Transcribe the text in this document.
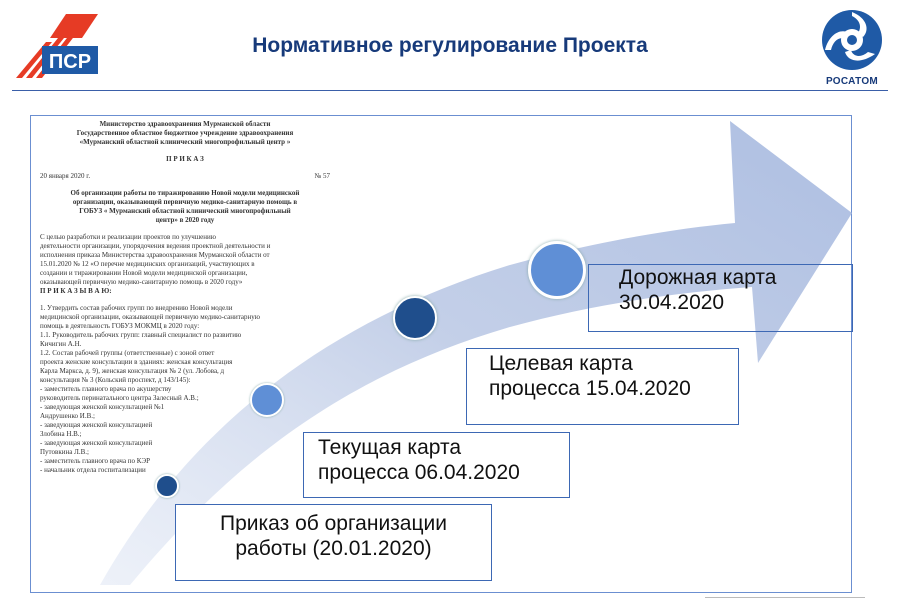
ПСР
Нормативное регулирование Проекта
РОСАТОМ

Министерство здравоохранения Мурманской области

Государственное областное бюджетное учреждение здравоохранения

«Мурманский областной клинический многопрофильный центр »

П Р И К А З

20 января 2020 г.	№ 57

Об организации работы по тиражированию Новой модели медицинской

организации, оказывающей первичную медико-санитарную помощь в

ГОБУЗ « Мурманский областной клинический многопрофильный

центр» в 2020 году

С целью разработки и реализации проектов по улучшению

деятельности организации, упорядочения ведения проектной деятельности и

исполнения приказа Министерства здравоохранения Мурманской области от

15.01.2020 № 12 «О перечне медицинских организаций, участвующих в

создании и тиражировании Новой модели медицинской организации,

оказывающей первичную медико-санитарную помощь в 2020 году»

П Р И К А З Ы В А Ю:

1. Утвердить состав рабочих групп по внедрению Новой модели

медицинской организации, оказывающей первичную медико-санитарную

помощь в деятельность ГОБУЗ МОКМЦ в 2020 году:

1.1. Руководитель рабочих групп: главный специалист по развитию

Кичигин А.Н.

1.2. Состав рабочей группы (ответственные) с зоной ответ

проекта женские консультации в зданиях: женская консультация

Карла Маркса, д. 9), женская консультация № 2 (ул. Лобова, д

консультация № 3 (Кольский проспект, д 143/145):

- заместитель главного врача по акушерству

руководитель перинатального центра Залесный А.В.;

- заведующая женской консультацией №1

Андрушенко И.В.;

- заведующая женской консультацией

Злобина Н.В.;

- заведующая женской консультацией

Путовкина Л.В.;

- заместитель главного врача по КЭР

- начальник отдела госпитализации

Приказ об организации
работы (20.01.2020)
Текущая карта
процесса 06.04.2020
Целевая карта
процесса 15.04.2020
Дорожная карта
30.04.2020
